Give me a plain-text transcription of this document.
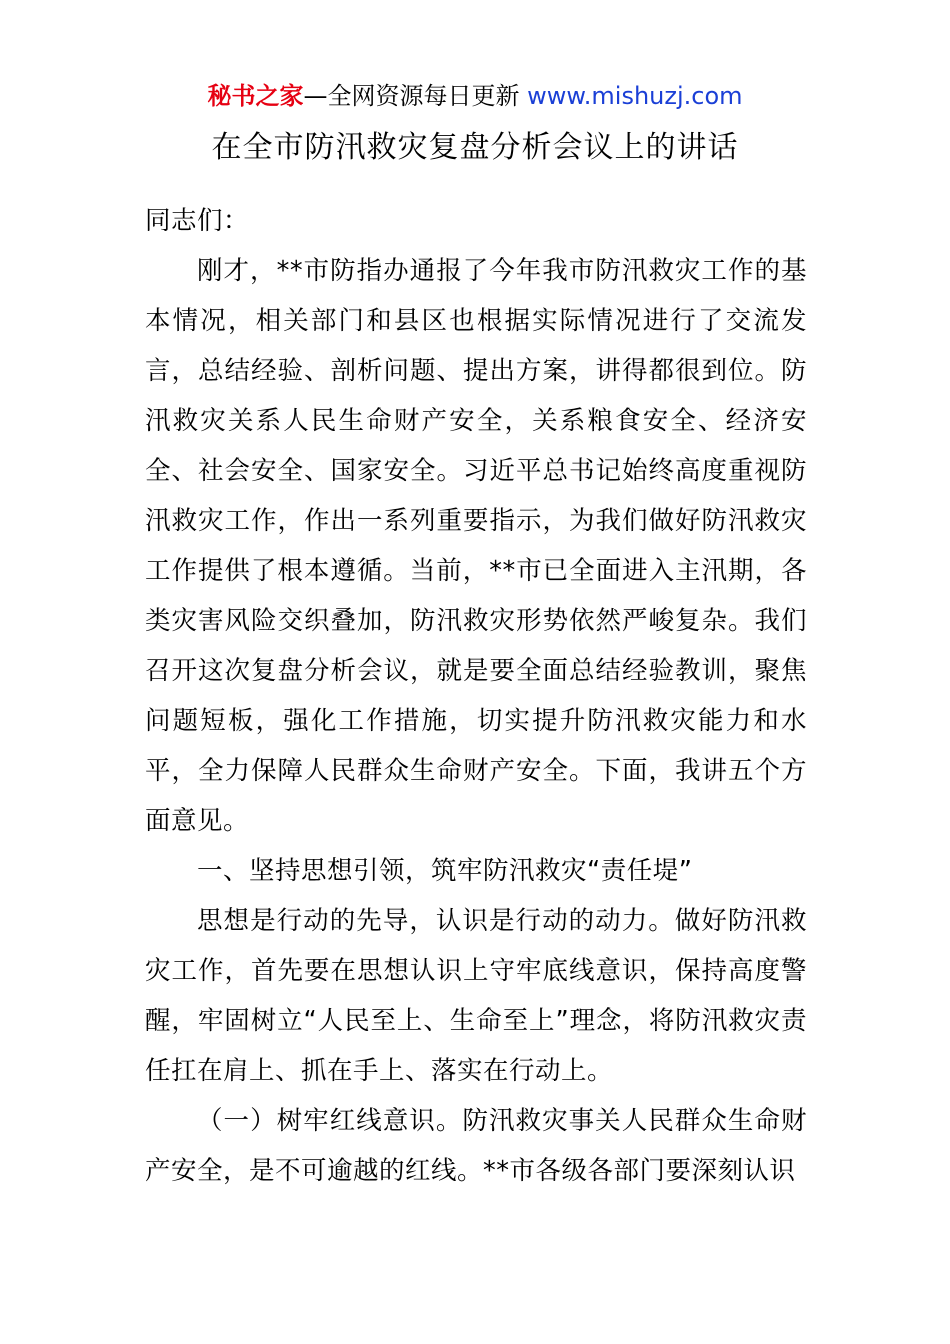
秘书之家—全网资源每日更新 www.mishuzj.com
在全市防汛救灾复盘分析会议上的讲话

同志们：

刚才，**市防指办通报了今年我市防汛救灾工作的基本情况，相关部门和县区也根据实际情况进行了交流发言，总结经验、剖析问题、提出方案，讲得都很到位。防汛救灾关系人民生命财产安全，关系粮食安全、经济安全、社会安全、国家安全。习近平总书记始终高度重视防汛救灾工作，作出一系列重要指示，为我们做好防汛救灾工作提供了根本遵循。当前，**市已全面进入主汛期，各类灾害风险交织叠加，防汛救灾形势依然严峻复杂。我们召开这次复盘分析会议，就是要全面总结经验教训，聚焦问题短板，强化工作措施，切实提升防汛救灾能力和水平，全力保障人民群众生命财产安全。下面，我讲五个方面意见。

一、坚持思想引领，筑牢防汛救灾“责任堤”

思想是行动的先导，认识是行动的动力。做好防汛救灾工作，首先要在思想认识上守牢底线意识，保持高度警醒，牢固树立“人民至上、生命至上”理念，将防汛救灾责任扛在肩上、抓在手上、落实在行动上。

（一）树牢红线意识。防汛救灾事关人民群众生命财产安全，是不可逾越的红线。**市各级各部门要深刻认识
